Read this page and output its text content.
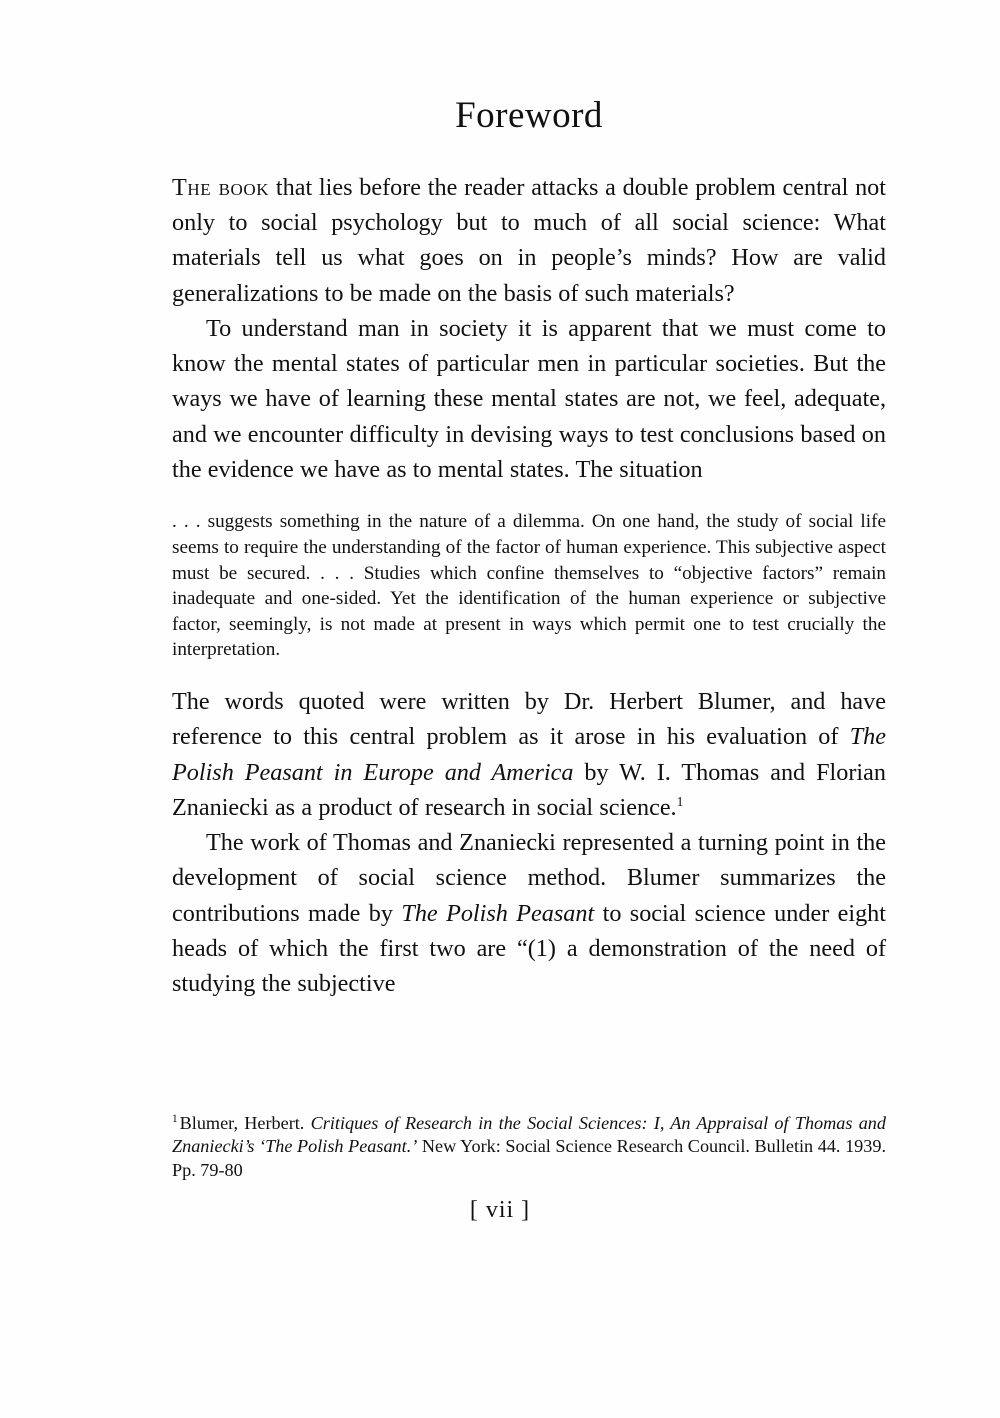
Foreword

The book that lies before the reader attacks a double problem central not only to social psychology but to much of all social science: What materials tell us what goes on in people’s minds? How are valid generalizations to be made on the basis of such materials?

To understand man in society it is apparent that we must come to know the mental states of particular men in particular societies. But the ways we have of learning these mental states are not, we feel, adequate, and we encounter difficulty in devising ways to test conclusions based on the evidence we have as to mental states. The situation

. . . suggests something in the nature of a dilemma. On one hand, the study of social life seems to require the understanding of the factor of human experience. This subjective aspect must be secured. . . . Studies which confine themselves to “objective factors” remain inadequate and one-sided. Yet the identification of the human experience or subjective factor, seemingly, is not made at present in ways which permit one to test crucially the interpretation.

The words quoted were written by Dr. Herbert Blumer, and have reference to this central problem as it arose in his evaluation of The Polish Peasant in Europe and America by W. I. Thomas and Florian Znaniecki as a product of research in social science.$^1$

The work of Thomas and Znaniecki represented a turning point in the development of social science method. Blumer summarizes the contributions made by The Polish Peasant to social science under eight heads of which the first two are “(1) a demonstration of the need of studying the subjective

$^1$ Blumer, Herbert. Critiques of Research in the Social Sciences: I, An Appraisal of Thomas and Znaniecki’s ‘The Polish Peasant.’ New York: Social Science Research Council. Bulletin 44. 1939. Pp. 79-80

[ vii ]
